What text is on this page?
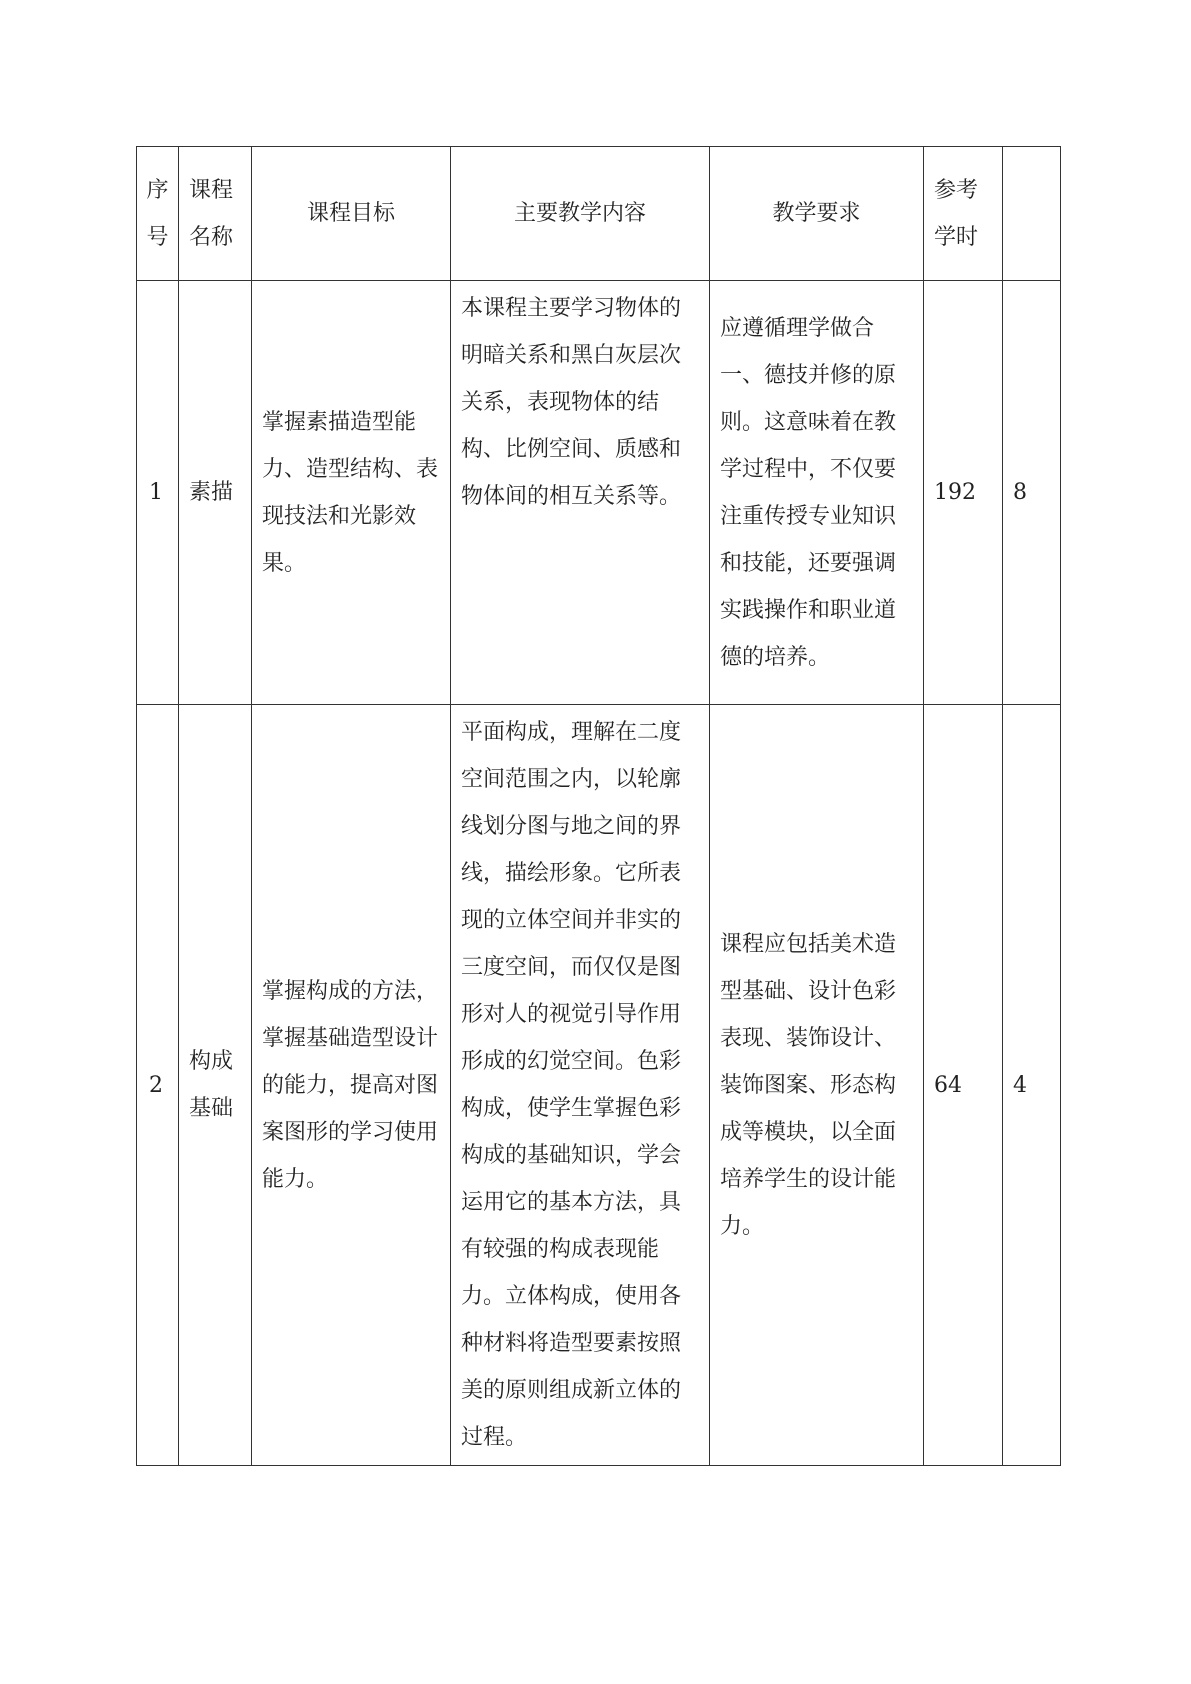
序号	课程名称	课程目标	主要教学内容	教学要求	参考学时	
1	素描	掌握素描造型能力、造型结构、表现技法和光影效果。	本课程主要学习物体的明暗关系和黑白灰层次关系，表现物体的结构、比例空间、质感和物体间的相互关系等。	应遵循理学做合一、德技并修的原则。这意味着在教学过程中，不仅要注重传授专业知识和技能，还要强调实践操作和职业道德的培养。	192	8
2	构成基础	掌握构成的方法，掌握基础造型设计的能力，提高对图案图形的学习使用能力。	平面构成，理解在二度空间范围之内，以轮廓线划分图与地之间的界线，描绘形象。它所表现的立体空间并非实的三度空间，而仅仅是图形对人的视觉引导作用形成的幻觉空间。色彩构成，使学生掌握色彩构成的基础知识，学会运用它的基本方法，具有较强的构成表现能力。立体构成，使用各种材料将造型要素按照美的原则组成新立体的过程。	课程应包括美术造型基础、设计色彩表现、装饰设计、装饰图案、形态构成等模块，以全面培养学生的设计能力。	64	4
